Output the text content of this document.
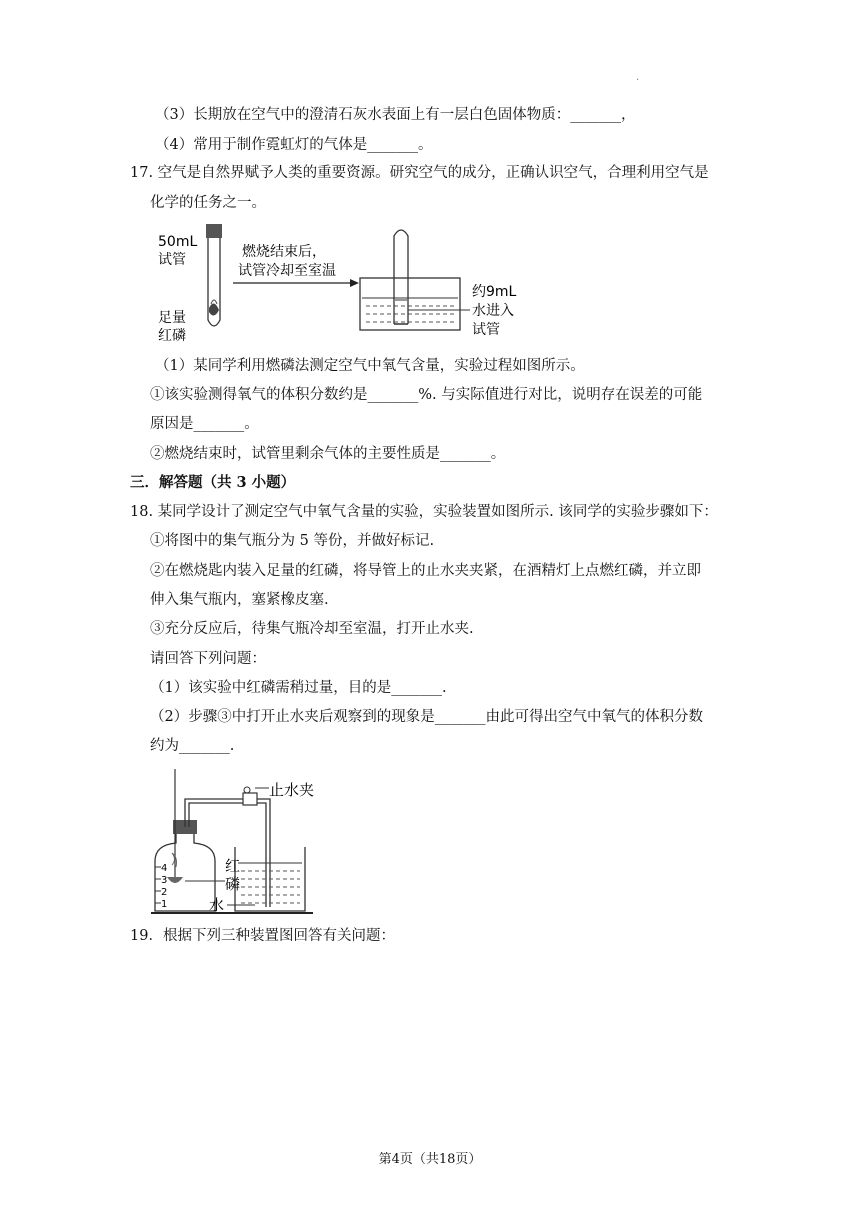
.
（3）长期放在空气中的澄清石灰水表面上有一层白色固体物质：_______，
（4）常用于制作霓虹灯的气体是_______。
17. 空气是自然界赋予人类的重要资源。研究空气的成分，正确认识空气，合理利用空气是
化学的任务之一。
50mL
试管
足量
红磷
燃烧结束后，
试管冷却至室温
约9mL
水进入
试管
（1）某同学利用燃磷法测定空气中氧气含量，实验过程如图所示。
①该实验测得氧气的体积分数约是_______%. 与实际值进行对比，说明存在误差的可能
原因是_______。
②燃烧结束时，试管里剩余气体的主要性质是_______。
三．解答题（共 3 小题）
18. 某同学设计了测定空气中氧气含量的实验，实验装置如图所示. 该同学的实验步骤如下：
①将图中的集气瓶分为 5 等份，并做好标记.
②在燃烧匙内装入足量的红磷，将导管上的止水夹夹紧，在酒精灯上点燃红磷，并立即
伸入集气瓶内，塞紧橡皮塞.
③充分反应后，待集气瓶冷却至室温，打开止水夹.
请回答下列问题：
（1）该实验中红磷需稍过量，目的是_______.
（2）步骤③中打开止水夹后观察到的现象是_______由此可得出空气中氧气的体积分数
约为_______.
1
2
3
4
止水夹
红
磷
水
19．根据下列三种装置图回答有关问题：
第4页（共18页）
